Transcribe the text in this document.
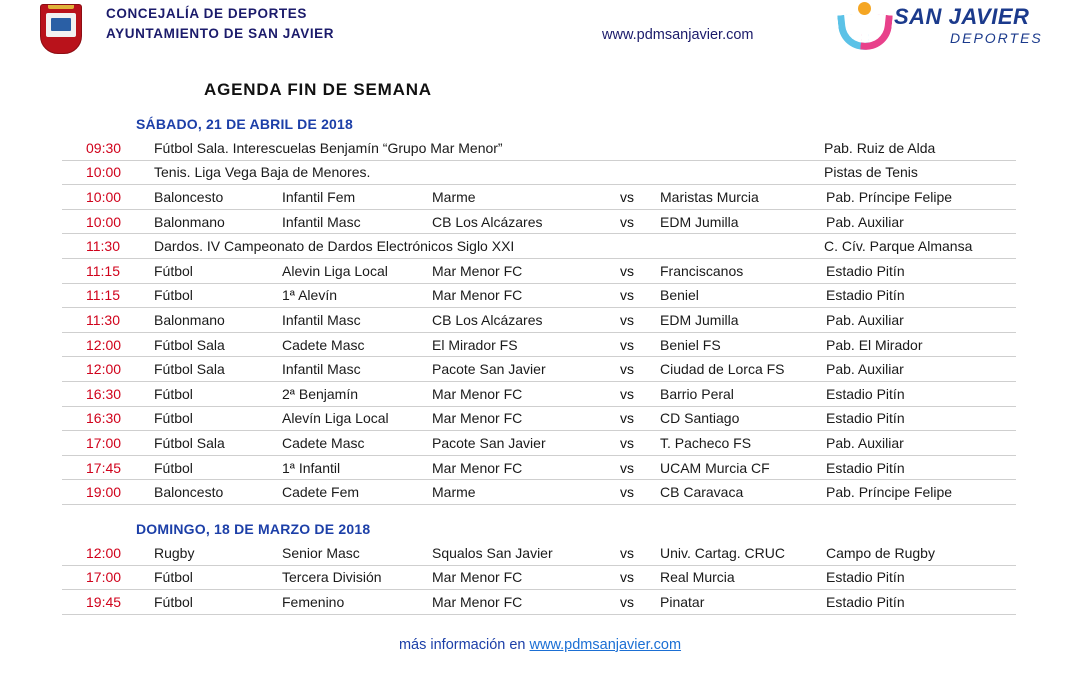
CONCEJALÍA DE DEPORTES
AYUNTAMIENTO DE SAN JAVIER	www.pdmsanjavier.com
SAN JAVIER
DEPORTES
AGENDA FIN DE SEMANA
SÁBADO, 21 DE ABRIL DE 2018
09:30	Fútbol Sala. Interescuelas Benjamín “Grupo Mar Menor”	Pab. Ruiz de Alda
10:00	Tenis. Liga Vega Baja de Menores.	Pistas de Tenis
10:00	Baloncesto	Infantil Fem	Marme	vs	Maristas Murcia	Pab. Príncipe Felipe
10:00	Balonmano	Infantil Masc	CB Los Alcázares	vs	EDM Jumilla	Pab. Auxiliar
11:30	Dardos. IV Campeonato de Dardos Electrónicos Siglo XXI	C. Cív. Parque Almansa
11:15	Fútbol	Alevin Liga Local	Mar Menor FC	vs	Franciscanos	Estadio Pitín
11:15	Fútbol	1ª Alevín	Mar Menor FC	vs	Beniel	Estadio Pitín
11:30	Balonmano	Infantil Masc	CB Los Alcázares	vs	EDM Jumilla	Pab. Auxiliar
12:00	Fútbol Sala	Cadete Masc	El Mirador FS	vs	Beniel FS	Pab. El Mirador
12:00	Fútbol Sala	Infantil Masc	Pacote San Javier	vs	Ciudad de Lorca FS	Pab. Auxiliar
16:30	Fútbol	2ª Benjamín	Mar Menor FC	vs	Barrio Peral	Estadio Pitín
16:30	Fútbol	Alevín Liga Local	Mar Menor FC	vs	CD Santiago	Estadio Pitín
17:00	Fútbol Sala	Cadete Masc	Pacote San Javier	vs	T. Pacheco FS	Pab. Auxiliar
17:45	Fútbol	1ª Infantil	Mar Menor FC	vs	UCAM Murcia CF	Estadio Pitín
19:00	Baloncesto	Cadete Fem	Marme	vs	CB Caravaca	Pab. Príncipe Felipe
DOMINGO, 18 DE MARZO DE 2018
12:00	Rugby	Senior Masc	Squalos San Javier	vs	Univ. Cartag. CRUC	Campo de Rugby
17:00	Fútbol	Tercera División	Mar Menor FC	vs	Real Murcia	Estadio Pitín
19:45	Fútbol	Femenino	Mar Menor FC	vs	Pinatar	Estadio Pitín
más información en www.pdmsanjavier.com
